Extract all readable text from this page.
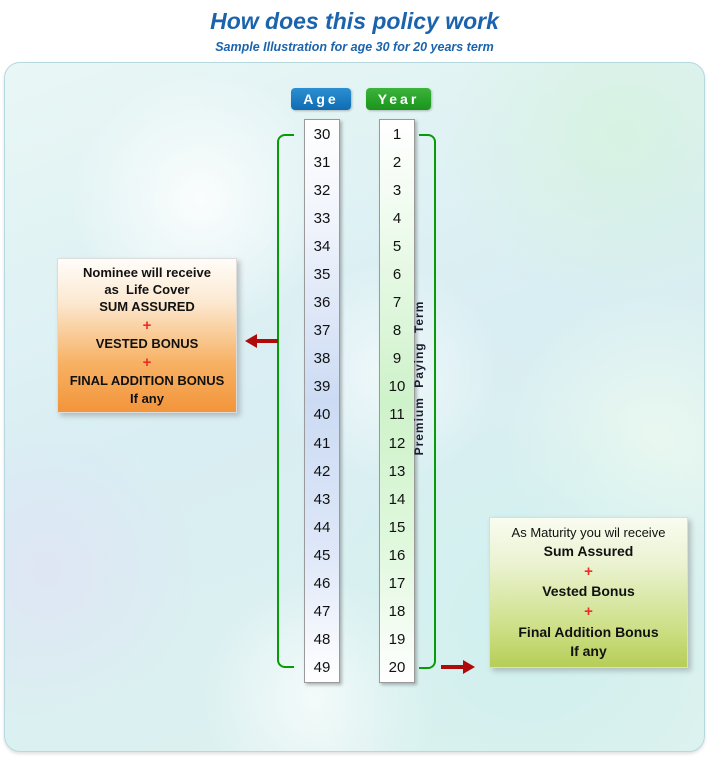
How does this policy work
Sample Illustration for age 30 for 20 years term
Age	Year
30
31
32
33
34
35
36
37
38
39
40
41
42
43
44
45
46
47
48
49
1
2
3
4
5
6
7
8
9
10
11
12
13
14
15
16
17
18
19
20
Premium Paying Term
Nominee will receive
as  Life Cover
SUM ASSURED
+
VESTED BONUS
+
FINAL ADDITION BONUS
If any
As Maturity you wil receive
Sum Assured
+
Vested Bonus
+
Final Addition Bonus
If any
